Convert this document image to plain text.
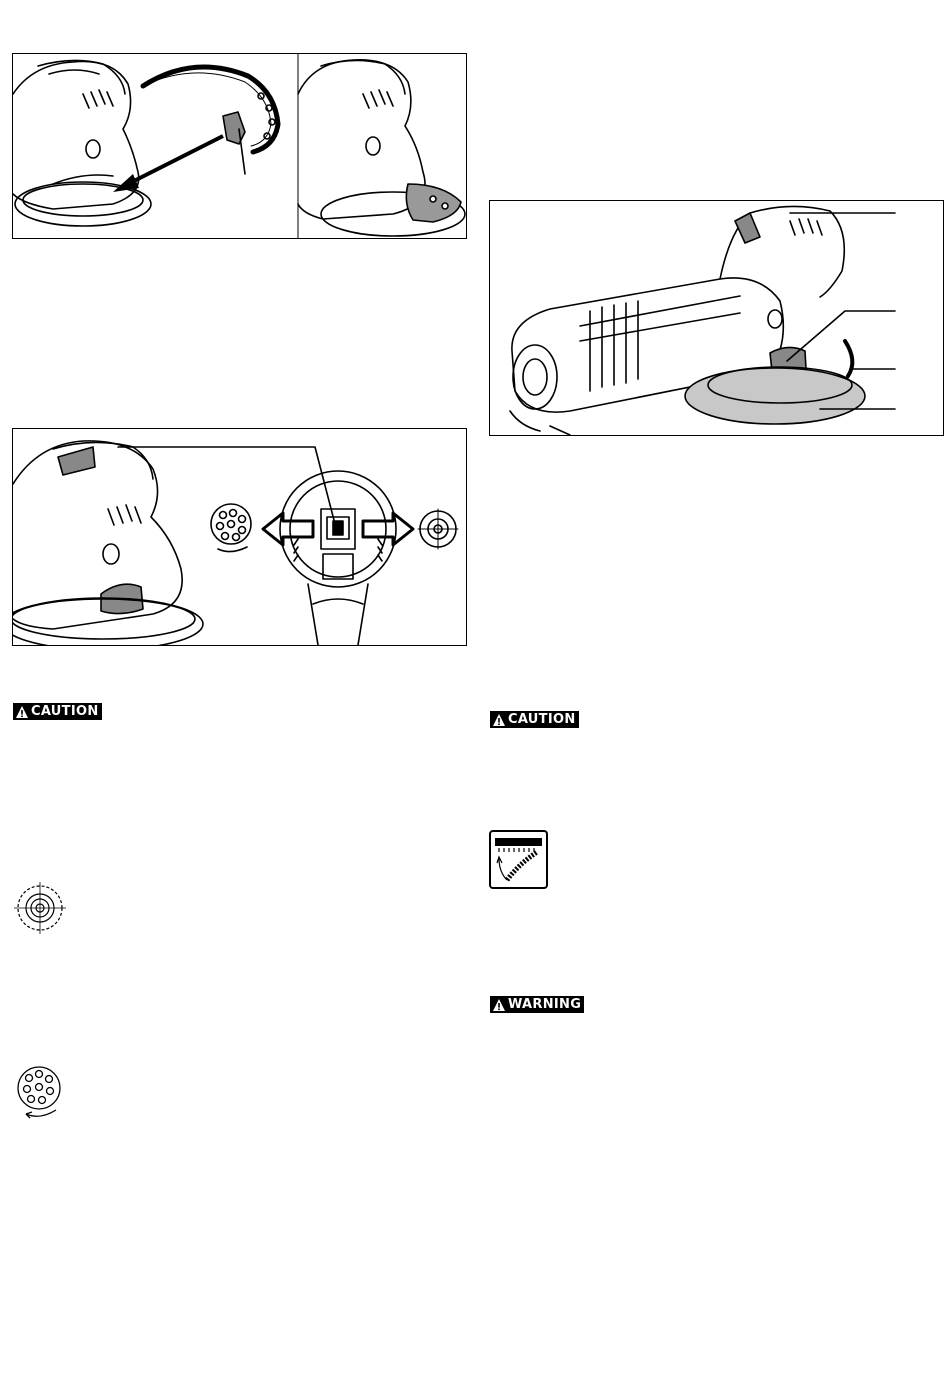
CAUTION
CAUTION
WARNING
